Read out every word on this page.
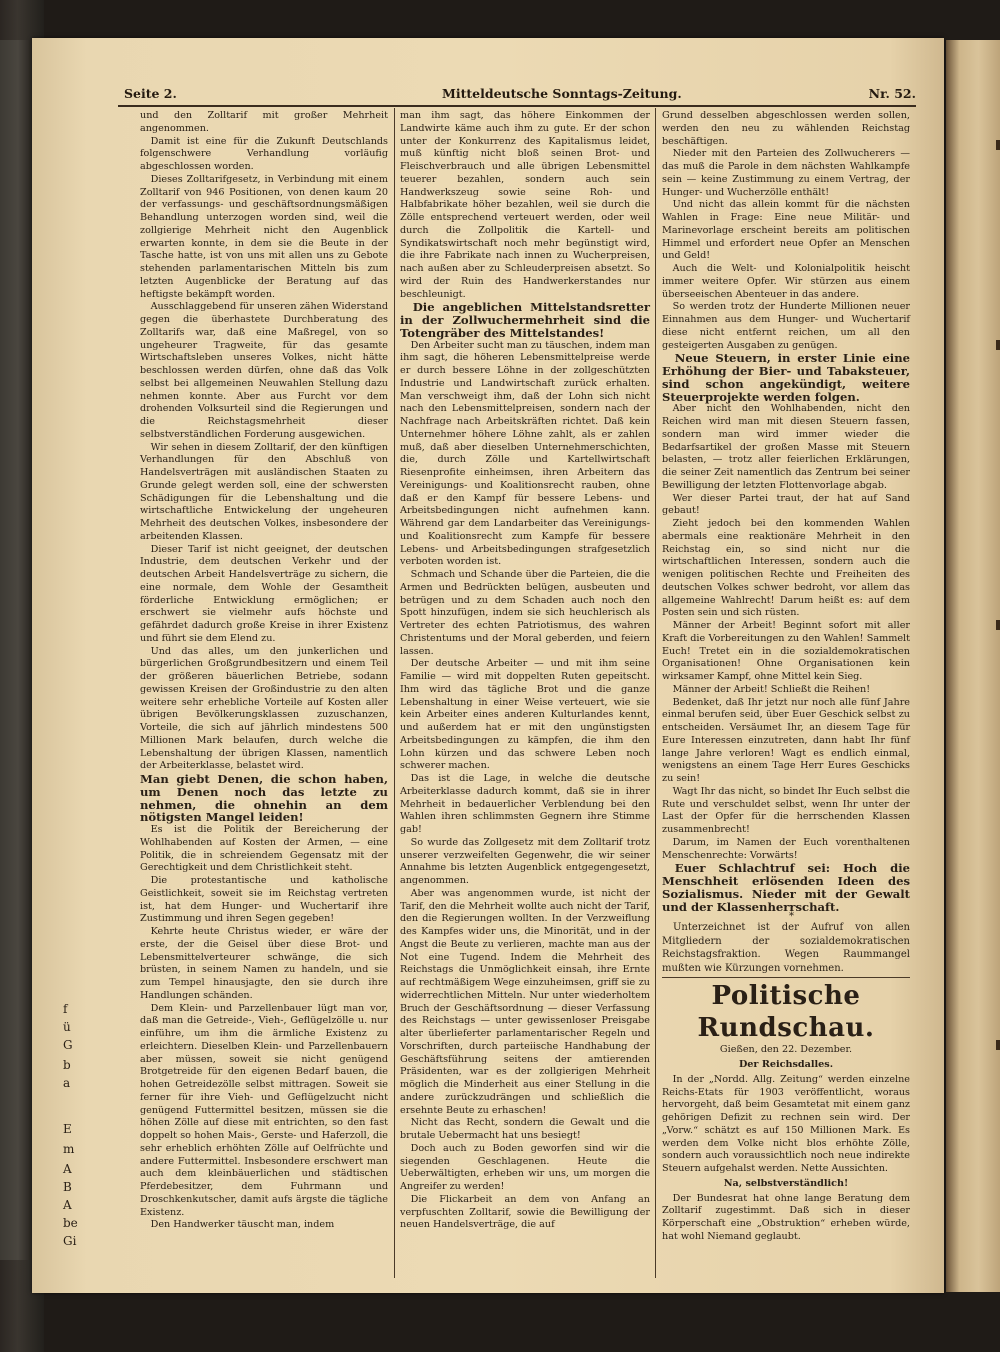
f
ü
G
b
a
E
m
A
B
A
be
Gi
Seite 2.	Mitteldeutsche Sonntags-Zeitung.	Nr. 52.

und den Zolltarif mit großer Mehrheit angenommen.

Damit ist eine für die Zukunft Deutschlands folgenschwere Verhandlung vorläufig abgeschlossen worden.

Dieses Zolltarifgesetz, in Verbindung mit einem Zolltarif von 946 Positionen, von denen kaum 20 der verfassungs- und geschäftsordnungsmäßigen Behandlung unterzogen worden sind, weil die zollgierige Mehrheit nicht den Augenblick erwarten konnte, in dem sie die Beute in der Tasche hatte, ist von uns mit allen uns zu Gebote stehenden parlamentarischen Mitteln bis zum letzten Augenblicke der Beratung auf das heftigste bekämpft worden.

Ausschlaggebend für unseren zähen Widerstand gegen die überhastete Durchberatung des Zolltarifs war, daß eine Maßregel, von so ungeheurer Tragweite, für das gesamte Wirtschaftsleben unseres Volkes, nicht hätte beschlossen werden dürfen, ohne daß das Volk selbst bei allgemeinen Neuwahlen Stellung dazu nehmen konnte. Aber aus Furcht vor dem drohenden Volksurteil sind die Regierungen und die Reichstagsmehrheit dieser selbstverständlichen Forderung ausgewichen.

Wir sehen in diesem Zolltarif, der den künftigen Verhandlungen für den Abschluß von Handelsverträgen mit ausländischen Staaten zu Grunde gelegt werden soll, eine der schwersten Schädigungen für die Lebenshaltung und die wirtschaftliche Entwickelung der ungeheuren Mehrheit des deutschen Volkes, insbesondere der arbeitenden Klassen.

Dieser Tarif ist nicht geeignet, der deutschen Industrie, dem deutschen Verkehr und der deutschen Arbeit Handelsverträge zu sichern, die eine normale, dem Wohle der Gesamtheit förderliche Entwicklung ermöglichen; er erschwert sie vielmehr aufs höchste und gefährdet dadurch große Kreise in ihrer Existenz und führt sie dem Elend zu.

Und das alles, um den junkerlichen und bürgerlichen Großgrundbesitzern und einem Teil der größeren bäuerlichen Betriebe, sodann gewissen Kreisen der Großindustrie zu den alten weitere sehr erhebliche Vorteile auf Kosten aller übrigen Bevölkerungsklassen zuzuschanzen, Vorteile, die sich auf jährlich mindestens 500 Millionen Mark belaufen, durch welche die Lebenshaltung der übrigen Klassen, namentlich der Arbeiterklasse, belastet wird.

Man giebt Denen, die schon haben, um Denen noch das letzte zu nehmen, die ohnehin an dem nötigsten Mangel leiden!

Es ist die Politik der Bereicherung der Wohlhabenden auf Kosten der Armen, — eine Politik, die in schreiendem Gegensatz mit der Gerechtigkeit und dem Christlichkeit steht.

Die protestantische und katholische Geistlichkeit, soweit sie im Reichstag vertreten ist, hat dem Hunger- und Wuchertarif ihre Zustimmung und ihren Segen gegeben!

Kehrte heute Christus wieder, er wäre der erste, der die Geisel über diese Brot- und Lebensmittelverteurer schwänge, die sich brüsten, in seinem Namen zu handeln, und sie zum Tempel hinausjagte, den sie durch ihre Handlungen schänden.

Dem Klein- und Parzellenbauer lügt man vor, daß man die Getreide-, Vieh-, Geflügelzölle u. nur einführe, um ihm die ärmliche Existenz zu erleichtern. Dieselben Klein- und Parzellenbauern aber müssen, soweit sie nicht genügend Brotgetreide für den eigenen Bedarf bauen, die hohen Getreidezölle selbst mittragen. Soweit sie ferner für ihre Vieh- und Geflügelzucht nicht genügend Futtermittel besitzen, müssen sie die höhen Zölle auf diese mit entrichten, so den fast doppelt so hohen Mais-, Gerste- und Haferzoll, die sehr erheblich erhöhten Zölle auf Oelfrüchte und andere Futtermittel. Insbesondere erschwert man auch dem kleinbäuerlichen und städtischen Pferdebesitzer, dem Fuhrmann und Droschkenkutscher, damit aufs ärgste die tägliche Existenz.

Den Handwerker täuscht man, indem

man ihm sagt, das höhere Einkommen der Landwirte käme auch ihm zu gute. Er der schon unter der Konkurrenz des Kapitalismus leidet, muß künftig nicht bloß seinen Brot- und Fleischverbrauch und alle übrigen Lebensmittel teuerer bezahlen, sondern auch sein Handwerkszeug sowie seine Roh- und Halbfabrikate höher bezahlen, weil sie durch die Zölle entsprechend verteuert werden, oder weil durch die Zollpolitik die Kartell- und Syndikatswirtschaft noch mehr begünstigt wird, die ihre Fabrikate nach innen zu Wucherpreisen, nach außen aber zu Schleuderpreisen absetzt. So wird der Ruin des Handwerkerstandes nur beschleunigt.

Die angeblichen Mittelstandsretter in der Zollwuchermehrheit sind die Totengräber des Mittelstandes!

Den Arbeiter sucht man zu täuschen, indem man ihm sagt, die höheren Lebensmittelpreise werde er durch bessere Löhne in der zollgeschützten Industrie und Landwirtschaft zurück erhalten. Man verschweigt ihm, daß der Lohn sich nicht nach den Lebensmittelpreisen, sondern nach der Nachfrage nach Arbeitskräften richtet. Daß kein Unternehmer höhere Löhne zahlt, als er zahlen muß, daß aber dieselben Unternehmerschichten, die, durch Zölle und Kartellwirtschaft Riesenprofite einheimsen, ihren Arbeitern das Vereinigungs- und Koalitionsrecht rauben, ohne daß er den Kampf für bessere Lebens- und Arbeitsbedingungen nicht aufnehmen kann. Während gar dem Landarbeiter das Vereinigungs- und Koalitionsrecht zum Kampfe für bessere Lebens- und Arbeitsbedingungen strafgesetzlich verboten worden ist.

Schmach und Schande über die Parteien, die die Armen und Bedrückten belügen, ausbeuten und betrügen und zu dem Schaden auch noch den Spott hinzufügen, indem sie sich heuchlerisch als Vertreter des echten Patriotismus, des wahren Christentums und der Moral geberden, und feiern lassen.

Der deutsche Arbeiter — und mit ihm seine Familie — wird mit doppelten Ruten gepeitscht. Ihm wird das tägliche Brot und die ganze Lebenshaltung in einer Weise verteuert, wie sie kein Arbeiter eines anderen Kulturlandes kennt, und außerdem hat er mit den ungünstigsten Arbeitsbedingungen zu kämpfen, die ihm den Lohn kürzen und das schwere Leben noch schwerer machen.

Das ist die Lage, in welche die deutsche Arbeiterklasse dadurch kommt, daß sie in ihrer Mehrheit in bedauerlicher Verblendung bei den Wahlen ihren schlimmsten Gegnern ihre Stimme gab!

So wurde das Zollgesetz mit dem Zolltarif trotz unserer verzweifelten Gegenwehr, die wir seiner Annahme bis letzten Augenblick entgegengesetzt, angenommen.

Aber was angenommen wurde, ist nicht der Tarif, den die Mehrheit wollte auch nicht der Tarif, den die Regierungen wollten. In der Verzweiflung des Kampfes wider uns, die Minorität, und in der Angst die Beute zu verlieren, machte man aus der Not eine Tugend. Indem die Mehrheit des Reichstags die Unmöglichkeit einsah, ihre Ernte auf rechtmäßigem Wege einzuheimsen, griff sie zu widerrechtlichen Mitteln. Nur unter wiederholtem Bruch der Geschäftsordnung — dieser Verfassung des Reichstags — unter gewissenloser Preisgabe alter überlieferter parlamentarischer Regeln und Vorschriften, durch parteiische Handhabung der Geschäftsführung seitens der amtierenden Präsidenten, war es der zollgierigen Mehrheit möglich die Minderheit aus einer Stellung in die andere zurückzudrängen und schließlich die ersehnte Beute zu erhaschen!

Nicht das Recht, sondern die Gewalt und die brutale Uebermacht hat uns besiegt!

Doch auch zu Boden geworfen sind wir die siegenden Geschlagenen. Heute die Ueberwältigten, erheben wir uns, um morgen die Angreifer zu werden!

Die Flickarbeit an dem von Anfang an verpfuschten Zolltarif, sowie die Bewilligung der neuen Handelsverträge, die auf

Grund desselben abgeschlossen werden sollen, werden den neu zu wählenden Reichstag beschäftigen.

Nieder mit den Parteien des Zollwucherers — das muß die Parole in dem nächsten Wahlkampfe sein — keine Zustimmung zu einem Vertrag, der Hunger- und Wucherzölle enthält!

Und nicht das allein kommt für die nächsten Wahlen in Frage: Eine neue Militär- und Marinevorlage erscheint bereits am politischen Himmel und erfordert neue Opfer an Menschen und Geld!

Auch die Welt- und Kolonialpolitik heischt immer weitere Opfer. Wir stürzen aus einem überseeischen Abenteuer in das andere.

So werden trotz der Hunderte Millionen neuer Einnahmen aus dem Hunger- und Wuchertarif diese nicht entfernt reichen, um all den gesteigerten Ausgaben zu genügen.

Neue Steuern, in erster Linie eine Erhöhung der Bier- und Tabaksteuer, sind schon angekündigt, weitere Steuerprojekte werden folgen.

Aber nicht den Wohlhabenden, nicht den Reichen wird man mit diesen Steuern fassen, sondern man wird immer wieder die Bedarfsartikel der großen Masse mit Steuern belasten, — trotz aller feierlichen Erklärungen, die seiner Zeit namentlich das Zentrum bei seiner Bewilligung der letzten Flottenvorlage abgab.

Wer dieser Partei traut, der hat auf Sand gebaut!

Zieht jedoch bei den kommenden Wahlen abermals eine reaktionäre Mehrheit in den Reichstag ein, so sind nicht nur die wirtschaftlichen Interessen, sondern auch die wenigen politischen Rechte und Freiheiten des deutschen Volkes schwer bedroht, vor allem das allgemeine Wahlrecht! Darum heißt es: auf dem Posten sein und sich rüsten.

Männer der Arbeit! Beginnt sofort mit aller Kraft die Vorbereitungen zu den Wahlen! Sammelt Euch! Tretet ein in die sozialdemokratischen Organisationen! Ohne Organisationen kein wirksamer Kampf, ohne Mittel kein Sieg.

Männer der Arbeit! Schließt die Reihen!

Bedenket, daß Ihr jetzt nur noch alle fünf Jahre einmal berufen seid, über Euer Geschick selbst zu entscheiden. Versäumet Ihr, an diesem Tage für Eure Interessen einzutreten, dann habt Ihr fünf lange Jahre verloren! Wagt es endlich einmal, wenigstens an einem Tage Herr Eures Geschicks zu sein!

Wagt Ihr das nicht, so bindet Ihr Euch selbst die Rute und verschuldet selbst, wenn Ihr unter der Last der Opfer für die herrschenden Klassen zusammenbrecht!

Darum, im Namen der Euch vorenthaltenen Menschenrechte: Vorwärts!

Euer Schlachtruf sei: Hoch die Menschheit erlösenden Ideen des Sozialismus. Nieder mit der Gewalt und der Klassenherrschaft.

*

Unterzeichnet ist der Aufruf von allen Mitgliedern der sozialdemokratischen Reichstagsfraktion. Wegen Raummangel mußten wie Kürzungen vornehmen.

Politische Rundschau.

Gießen, den 22. Dezember.

Der Reichsdalles.

In der „Nordd. Allg. Zeitung“ werden einzelne Reichs-Etats für 1903 veröffentlicht, woraus hervorgeht, daß beim Gesamtetat mit einem ganz gehörigen Defizit zu rechnen sein wird. Der „Vorw.“ schätzt es auf 150 Millionen Mark. Es werden dem Volke nicht blos erhöhte Zölle, sondern auch voraussichtlich noch neue indirekte Steuern aufgehalst werden. Nette Aussichten.

Na, selbstverständlich!

Der Bundesrat hat ohne lange Beratung dem Zolltarif zugestimmt. Daß sich in dieser Körperschaft eine „Obstruktion“ erheben würde, hat wohl Niemand geglaubt.
